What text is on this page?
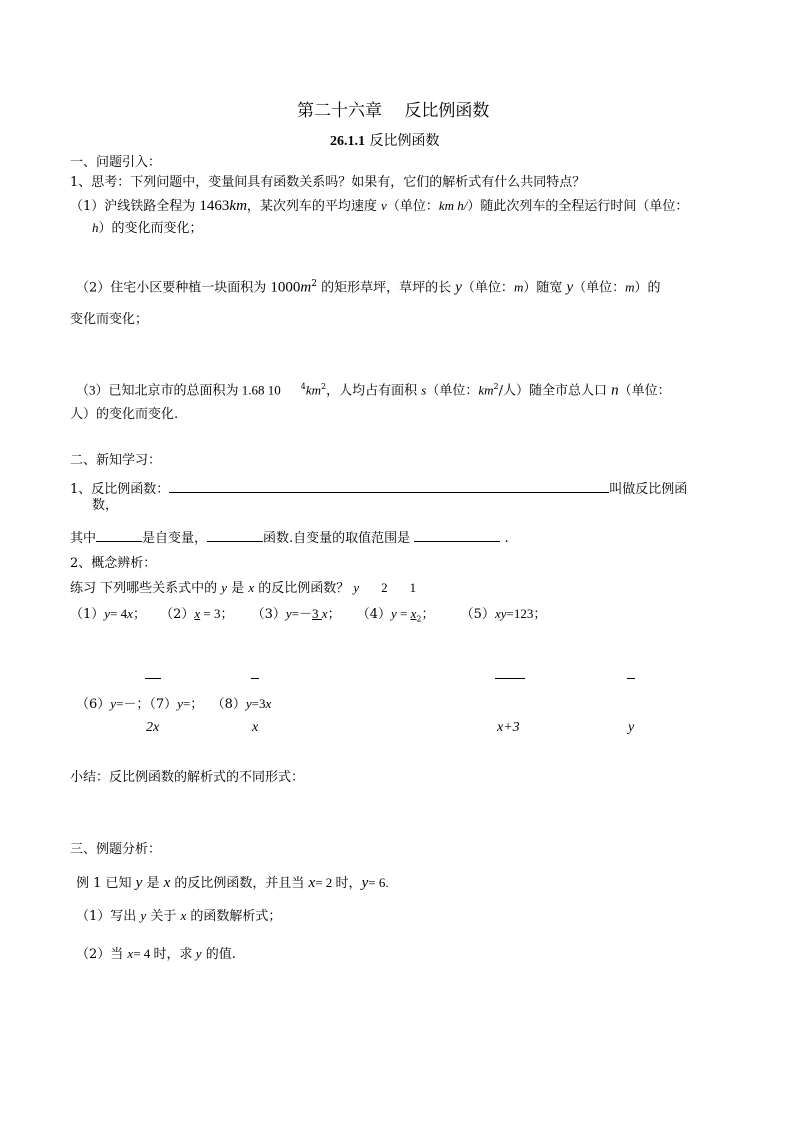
第二十六章　 反比例函数
26.1.1 反比例函数
一、问题引入：
1、思考：下列问题中，变量间具有函数关系吗？如果有，它们的解析式有什么共同特点？
（1）沪线铁路全程为 1463km，某次列车的平均速度 v（单位：km h/）随此次列车的全程运行时间（单位：
h）的变化而变化；
（2）住宅小区要种植一块面积为 $1000m^2$ 的矩形草坪，草坪的长 y（单位：m）随宽 y（单位：m）的
变化而变化；
（3）已知北京市的总面积为 1.68 10	$^4km^2$，人均占有面积 s（单位：$km^2/$人）随全市总人口 n（单位：
人）的变化而变化.
二、新知学习：
1、反比例函数：	叫做反比例函
数，
其中	是自变量，	函数.自变量的取值范围是	.
2、概念辨析：
练习 下列哪些关系式中的 y 是 x 的反比例函数？ y 2 1
（1）y= 4x； （2）x = 3； （3）y=－3 x； $(4)y = x_2$； （5）xy=123；
（6）y=－；（7）y=； （8）y=3x
2x	x	x+3	y
小结：反比例函数的解析式的不同形式：
三、例题分析：
例 1 已知 y 是 x 的反比例函数，并且当 x= 2 时，y= 6.
（1）写出 y 关于 x 的函数解析式；
（2）当 x= 4 时，求 y 的值.
